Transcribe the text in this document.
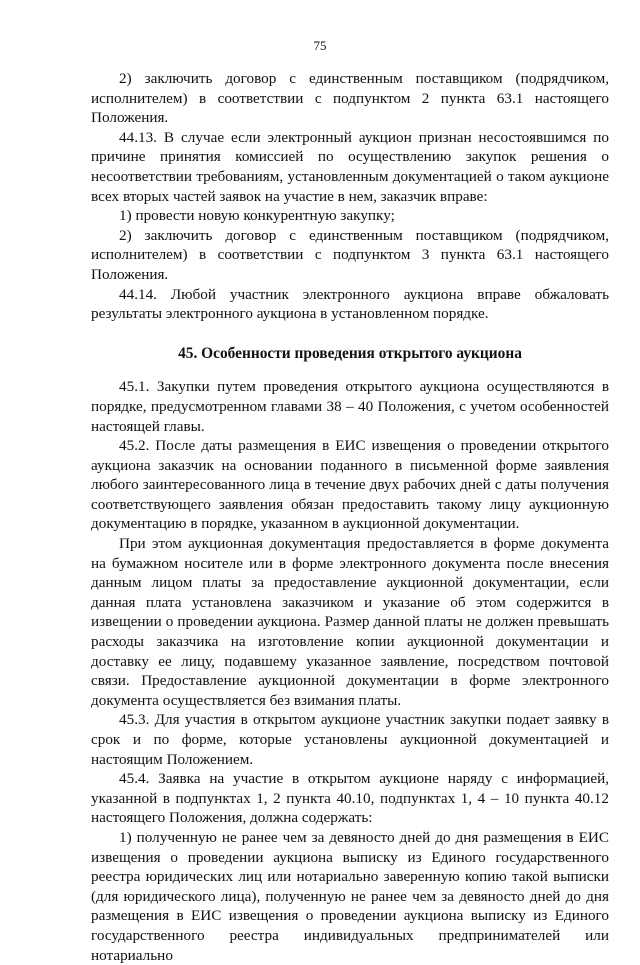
75

2) заключить договор с единственным поставщиком (подрядчиком, исполнителем) в соответствии с подпунктом 2 пункта 63.1 настоящего Положения.

44.13. В случае если электронный аукцион признан несостоявшимся по причине принятия комиссией по осуществлению закупок решения о несоответствии требованиям, установленным документацией о таком аукционе всех вторых частей заявок на участие в нем, заказчик вправе:

1) провести новую конкурентную закупку;

2) заключить договор с единственным поставщиком (подрядчиком, исполнителем) в соответствии с подпунктом 3 пункта 63.1 настоящего Положения.

44.14. Любой участник электронного аукциона вправе обжаловать результаты электронного аукциона в установленном порядке.

45. Особенности проведения открытого аукциона

45.1. Закупки путем проведения открытого аукциона осуществляются в порядке, предусмотренном главами 38 – 40 Положения, с учетом особенностей настоящей главы.

45.2. После даты размещения в ЕИС извещения о проведении открытого аукциона заказчик на основании поданного в письменной форме заявления любого заинтересованного лица в течение двух рабочих дней с даты получения соответствующего заявления обязан предоставить такому лицу аукционную документацию в порядке, указанном в аукционной документации.

При этом аукционная документация предоставляется в форме документа на бумажном носителе или в форме электронного документа после внесения данным лицом платы за предоставление аукционной документации, если данная плата установлена заказчиком и указание об этом содержится в извещении о проведении аукциона. Размер данной платы не должен превышать расходы заказчика на изготовление копии аукционной документации и доставку ее лицу, подавшему указанное заявление, посредством почтовой связи. Предоставление аукционной документации в форме электронного документа осуществляется без взимания платы.

45.3. Для участия в открытом аукционе участник закупки подает заявку в срок и по форме, которые установлены аукционной документацией и настоящим Положением.

45.4. Заявка на участие в открытом аукционе наряду с информацией, указанной в подпунктах 1, 2 пункта 40.10, подпунктах 1, 4 – 10 пункта 40.12 настоящего Положения, должна содержать:

1) полученную не ранее чем за девяносто дней до дня размещения в ЕИС извещения о проведении аукциона выписку из Единого государственного реестра юридических лиц или нотариально заверенную копию такой выписки (для юридического лица), полученную не ранее чем за девяносто дней до дня размещения в ЕИС извещения о проведении аукциона выписку из Единого государственного реестра индивидуальных предпринимателей или нотариально
